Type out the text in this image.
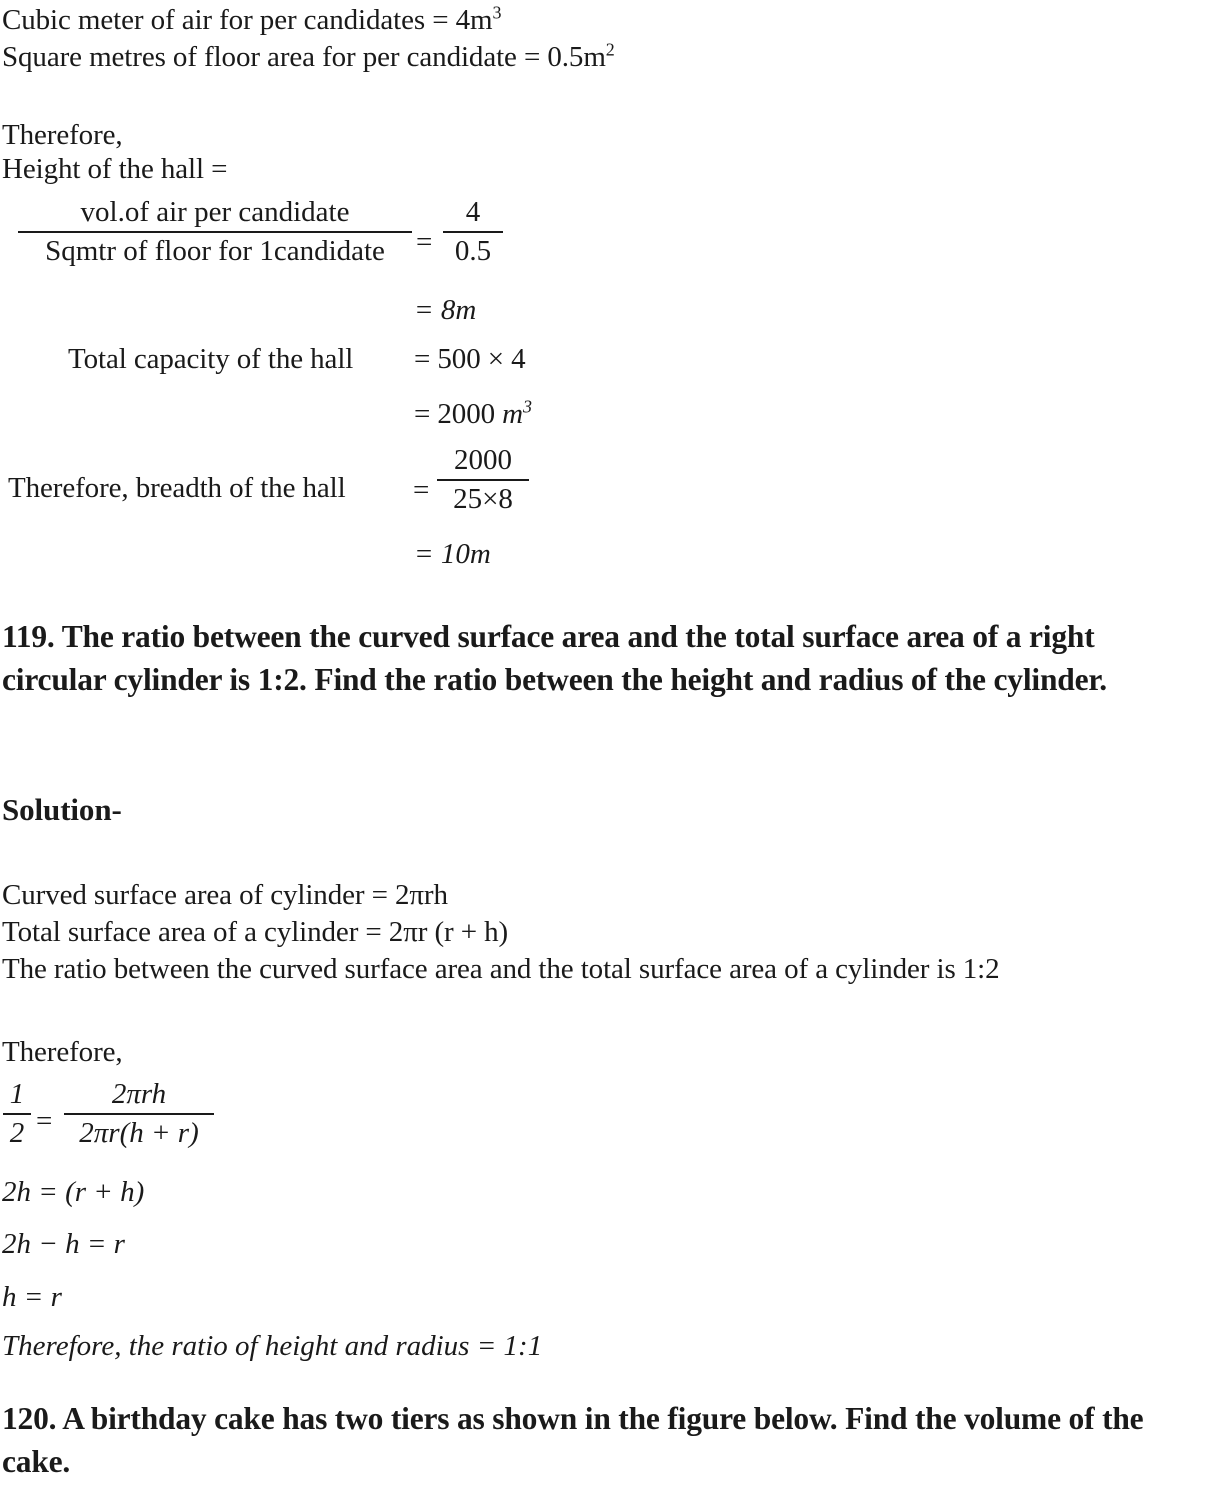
Cubic meter of air for per candidates = $4m^3$
Square metres of floor area for per candidate = $0.5m^2$
Therefore,
Height of the hall =
vol.of air per candidate
Sqmtr of floor for 1candidate	=
4
0.5
= 8m
Total capacity of the hall = 500 × 4
= 2000 $m^3$
Therefore, breadth of the hall =
2000
25×8
= 10m
119. The ratio between the curved surface area and the total surface area of a right circular cylinder is 1:2. Find the ratio between the height and radius of the cylinder.
Solution-
Curved surface area of cylinder = 2πrh
Total surface area of a cylinder = 2πr (r + h)
The ratio between the curved surface area and the total surface area of a cylinder is 1:2
Therefore,
1
2 =
2πrh
2πr(h + r)
2h = (r + h)
2h − h = r
h = r
Therefore, the ratio of height and radius = 1:1
120. A birthday cake has two tiers as shown in the figure below. Find the volume of the cake.
